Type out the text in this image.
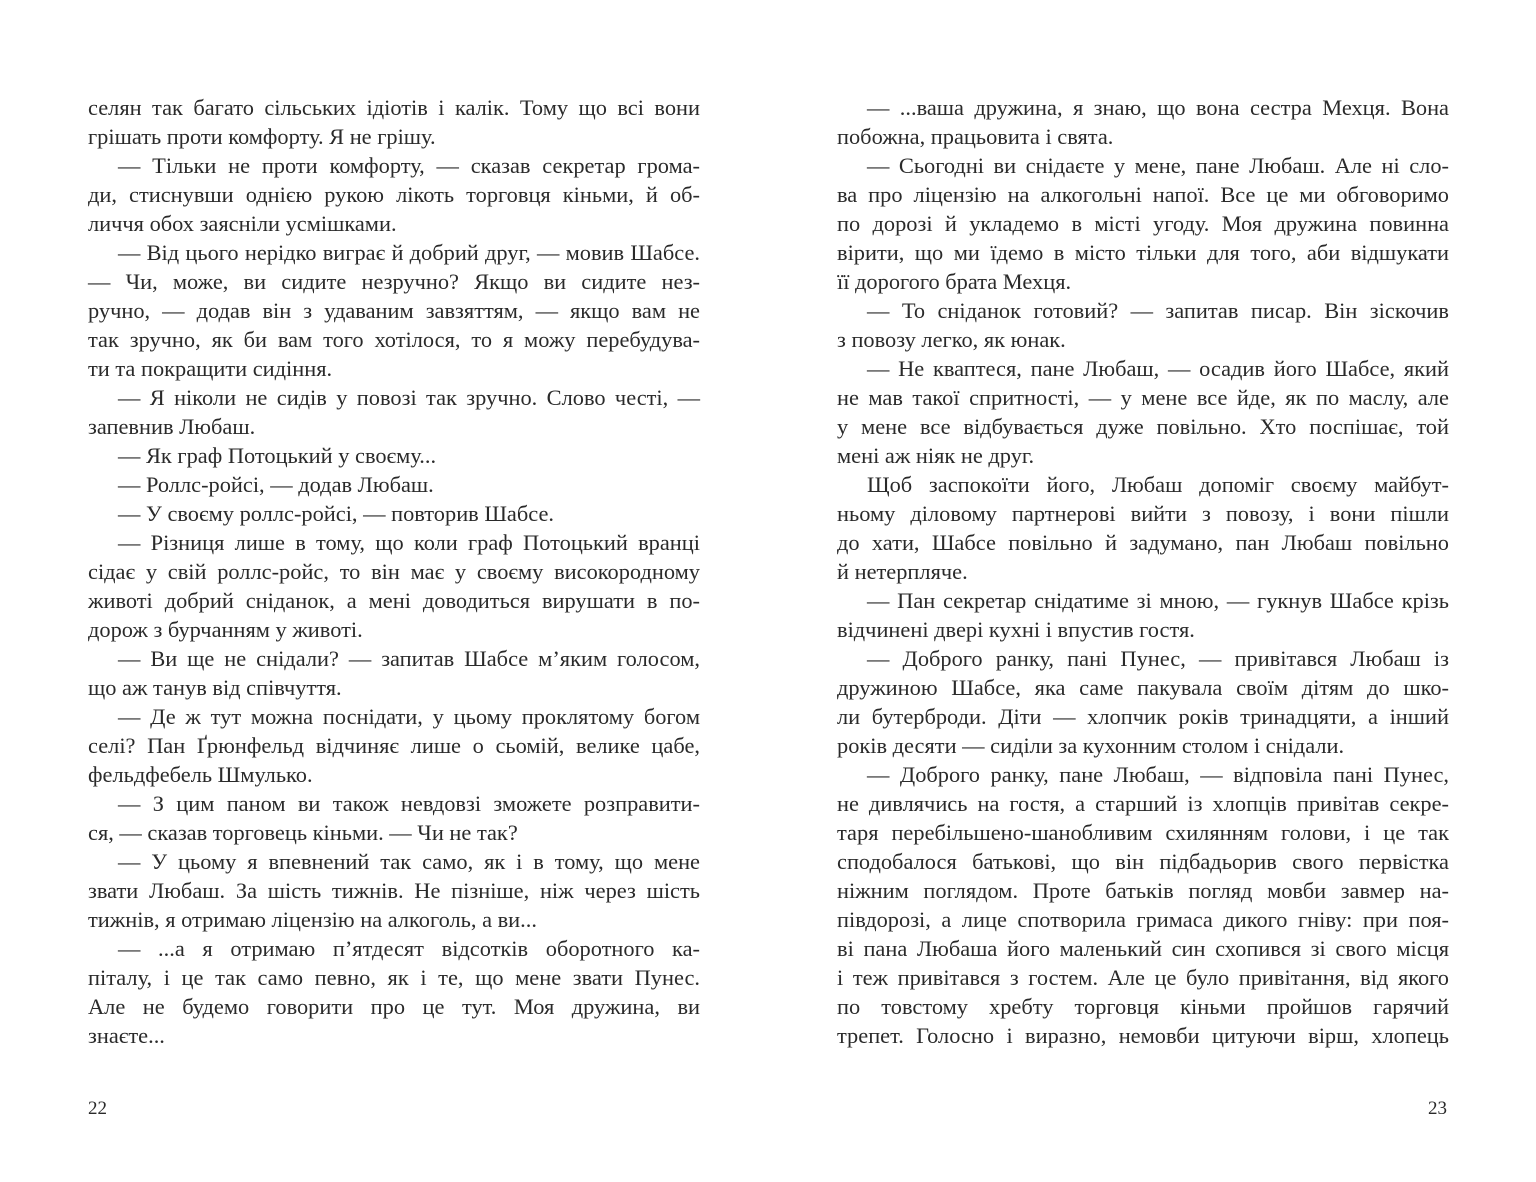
селян так багато сільських ідіотів і калік. Тому що всі вони
грішать проти комфорту. Я не грішу.
— Тільки не проти комфорту, — сказав секретар грома-
ди, стиснувши однією рукою лікоть торговця кіньми, й об-
личчя обох заясніли усмішками.
— Від цього нерідко виграє й добрий друг, — мовив Шабсе.
— Чи, може, ви сидите незручно? Якщо ви сидите нез-
ручно, — додав він з удаваним завзяттям, — якщо вам не
так зручно, як би вам того хотілося, то я можу перебудува-
ти та покращити сидіння.
— Я ніколи не сидів у повозі так зручно. Слово честі, —
запевнив Любаш.
— Як граф Потоцький у своєму...
— Роллс-ройсі, — додав Любаш.
— У своєму роллс-ройсі, — повторив Шабсе.
— Різниця лише в тому, що коли граф Потоцький вранці
сідає у свій роллс-ройс, то він має у своєму високородному
животі добрий сніданок, а мені доводиться вирушати в по-
дорож з бурчанням у животі.
— Ви ще не снідали? — запитав Шабсе м’яким голосом,
що аж танув від співчуття.
— Де ж тут можна поснідати, у цьому проклятому богом
селі? Пан Ґрюнфельд відчиняє лише о сьомій, велике цабе,
фельдфебель Шмулько.
— З цим паном ви також невдовзі зможете розправити-
ся, — сказав торговець кіньми. — Чи не так?
— У цьому я впевнений так само, як і в тому, що мене
звати Любаш. За шість тижнів. Не пізніше, ніж через шість
тижнів, я отримаю ліцензію на алкоголь, а ви...
— ...а я отримаю п’ятдесят відсотків оборотного ка-
піталу, і це так само певно, як і те, що мене звати Пунес.
Але не будемо говорити про це тут. Моя дружина, ви
знаєте...
22
— ...ваша дружина, я знаю, що вона сестра Мехця. Вона
побожна, працьовита і свята.
— Сьогодні ви снідаєте у мене, пане Любаш. Але ні сло-
ва про ліцензію на алкогольні напої. Все це ми обговоримо
по дорозі й укладемо в місті угоду. Моя дружина повинна
вірити, що ми їдемо в місто тільки для того, аби відшукати
її дорогого брата Мехця.
— То сніданок готовий? — запитав писар. Він зіскочив
з повозу легко, як юнак.
— Не кваптеся, пане Любаш, — осадив його Шабсе, який
не мав такої спритності, — у мене все йде, як по маслу, але
у мене все відбувається дуже повільно. Хто поспішає, той
мені аж ніяк не друг.
Щоб заспокоїти його, Любаш допоміг своєму майбут-
ньому діловому партнерові вийти з повозу, і вони пішли
до хати, Шабсе повільно й задумано, пан Любаш повільно
й нетерпляче.
— Пан секретар снідатиме зі мною, — гукнув Шабсе крізь
відчинені двері кухні і впустив гостя.
— Доброго ранку, пані Пунес, — привітався Любаш із
дружиною Шабсе, яка саме пакувала своїм дітям до шко-
ли бутерброди. Діти — хлопчик років тринадцяти, а інший
років десяти — сиділи за кухонним столом і снідали.
— Доброго ранку, пане Любаш, — відповіла пані Пунес,
не дивлячись на гостя, а старший із хлопців привітав секре-
таря перебільшено-шанобливим схилянням голови, і це так
сподобалося батькові, що він підбадьорив свого первістка
ніжним поглядом. Проте батьків погляд мовби завмер на-
півдорозі, а лице спотворила гримаса дикого гніву: при поя-
ві пана Любаша його маленький син схопився зі свого місця
і теж привітався з гостем. Але це було привітання, від якого
по товстому хребту торговця кіньми пройшов гарячий
трепет. Голосно і виразно, немовби цитуючи вірш, хлопець
23
